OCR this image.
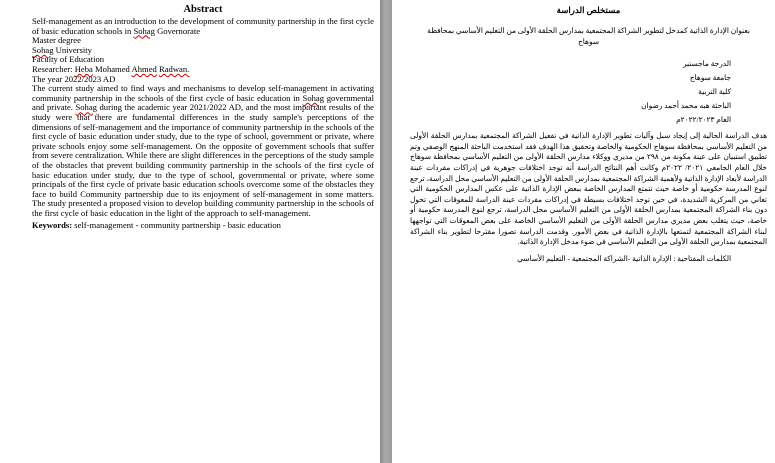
Abstract

Self-management as an introduction to the development of community partnership in the first cycle of basic education schools in Sohag Governorate

Master degree

Sohag University

Faculty of Education

Researcher: Heba Mohamed Ahmed Radwan.

The year 2022/2023 AD

The current study aimed to find ways and mechanisms to develop self-management in activating community partnership in the schools of the first cycle of basic education in Sohag governmental and private. Sohag during the academic year 2021/2022 AD, and the most important results of the study were that there are fundamental differences in the study sample's perceptions of the dimensions of self-management and the importance of community partnership in the schools of the first cycle of basic education under study, due to the type of school, government or private, where private schools enjoy some self-management. On the opposite of government schools that suffer from severe centralization. While there are slight differences in the perceptions of the study sample of the obstacles that prevent building community partnership in the schools of the first cycle of basic education under study, due to the type of school, governmental or private, where some principals of the first cycle of private basic education schools overcome some of the obstacles they face to build Community partnership due to its enjoyment of self-management in some matters. The study presented a proposed vision to develop building community partnership in the schools of the first cycle of basic education in the light of the approach to self-management.

Keywords: self-management - community partnership - basic education

مستخلص الدراسة

بعنوان الإدارة الذاتية كمدخل لتطوير الشراكة المجتمعية بمدارس الحلقة الأولى من التعليم الأساسي بمحافظة سوهاج

الدرجة ماجستير

جامعة سوهاج

كلية التربية

الباحثة هبه محمد أحمد رضوان

العام ٢٠٢٢/٢٠٢٣م

هدف الدراسة الحالية إلى إيجاد سبل وآليات تطوير الإدارة الذاتية في تفعيل الشراكة المجتمعية بمدارس الحلقة الأولى من التعليم الأساسي بمحافظة سوهاج الحكومية والخاصة وتحقيق هذا الهدف فقد استخدمت الباحثة المنهج الوصفي وتم تطبيق استبيان على عينة مكونة من ٢٩٨ من مديري ووكلاء مدارس الحلقة الأولى من التعليم الأساسي بمحافظة سوهاج خلال العام الجامعي ٢٠٢١/ ٢٠٢٢م وكانت أهم النتائج الدراسة أنه توجد اختلافات جوهرية في إدراكات مفردات عينة الدراسة لأبعاد الإدارة الذاتية ولأهمية الشراكة المجتمعية بمدارس الحلقة الأولى من التعليم الأساسي محل الدراسة، ترجع لنوع المدرسة حكومية أو خاصة حيث تتمتع المدارس الخاصة ببعض الإدارة الذاتية على عكس المدارس الحكومية التي تعاني من المركزية الشديدة، في حين توجد اختلافات بسيطة في إدراكات مفردات عينة الدراسة للمعوقات التي تحول دون بناء الشراكة المجتمعية بمدارس الحلقة الأولى من التعليم الأساسي محل الدراسة، ترجع لنوع المدرسة حكومية أو خاصة، حيث يتغلب بعض مديري مدارس الحلقة الأولى من التعليم الأساسي الخاصة على بعض المعوقات التي تواجهها لبناء الشراكة المجتمعية لتمتعها بالإدارة الذاتية في بعض الأمور. وقدمت الدراسة تصورا مقترحا لتطوير بناء الشراكة المجتمعية بمدارس الحلقة الأولى من التعليم الأساسي في ضوء مدخل الإدارة الذاتية.

الكلمات المفتاحية : الإدارة الذاتية -الشراكة المجتمعية - التعليم الأساسي
